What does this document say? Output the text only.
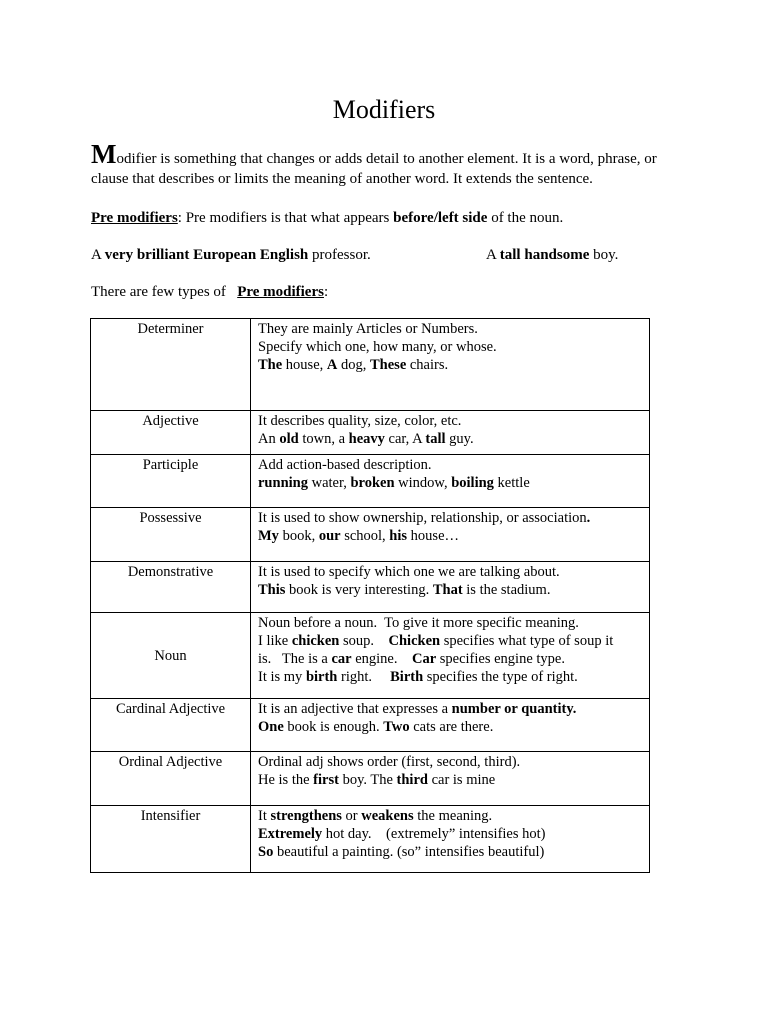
Modifiers

Modifier is something that changes or adds detail to another element. It is a word, phrase, or clause that describes or limits the meaning of another word. It extends the sentence.

Pre modifiers: Pre modifiers is that what appears before/left side of the noun.

A very brilliant European English professor.	A tall handsome boy.

There are few types of   Pre modifiers:

Determiner	They are mainly Articles or Numbers.
Specify which one, how many, or whose.
The house, A dog, These chairs.

Adjective	It describes quality, size, color, etc.
An old town, a heavy car, A tall guy.

Participle	Add action-based description.
running water, broken window, boiling kettle

Possessive	It is used to show ownership, relationship, or association.
My book, our school, his house…

Demonstrative	It is used to specify which one we are talking about.
This book is very interesting. That is the stadium.

Noun	Noun before a noun.  To give it more specific meaning.
I like chicken soup.    Chicken specifies what type of soup it
is.   The is a car engine.    Car specifies engine type.
It is my birth right.     Birth specifies the type of right.

Cardinal Adjective	It is an adjective that expresses a number or quantity.
One book is enough. Two cats are there.

Ordinal Adjective	Ordinal adj shows order (first, second, third).
He is the first boy. The third car is mine

Intensifier	It strengthens or weakens the meaning.
Extremely hot day.    (extremely” intensifies hot)
So beautiful a painting. (so” intensifies beautiful)
